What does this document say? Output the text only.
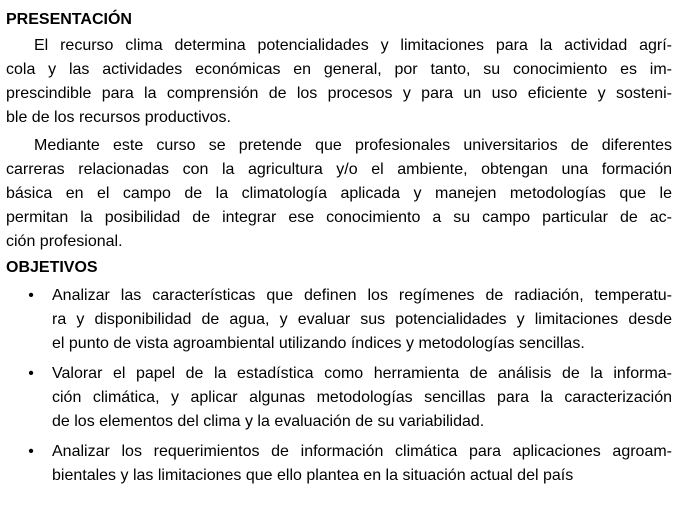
PRESENTACIÓN

El recurso clima determina potencialidades y limitaciones para la actividad agrí-
cola y las actividades económicas en general, por tanto, su conocimiento es im-
prescindible para la comprensión de los procesos y para un uso eficiente y sosteni-
ble de los recursos productivos.

Mediante este curso se pretende que profesionales universitarios de diferentes
carreras relacionadas con la agricultura y/o el ambiente, obtengan una formación
básica en el campo de la climatología aplicada y manejen metodologías que le
permitan la posibilidad de integrar ese conocimiento a su campo particular de ac-
ción profesional.

OBJETIVOS
• Analizar las características que definen los regímenes de radiación, temperatu-
ra y disponibilidad de agua, y evaluar sus potencialidades y limitaciones desde
el punto de vista agroambiental utilizando índices y metodologías sencillas.
• Valorar el papel de la estadística como herramienta de análisis de la informa-
ción climática, y aplicar algunas metodologías sencillas para la caracterización
de los elementos del clima y la evaluación de su variabilidad.
• Analizar los requerimientos de información climática para aplicaciones agroam-
bientales y las limitaciones que ello plantea en la situación actual del país
